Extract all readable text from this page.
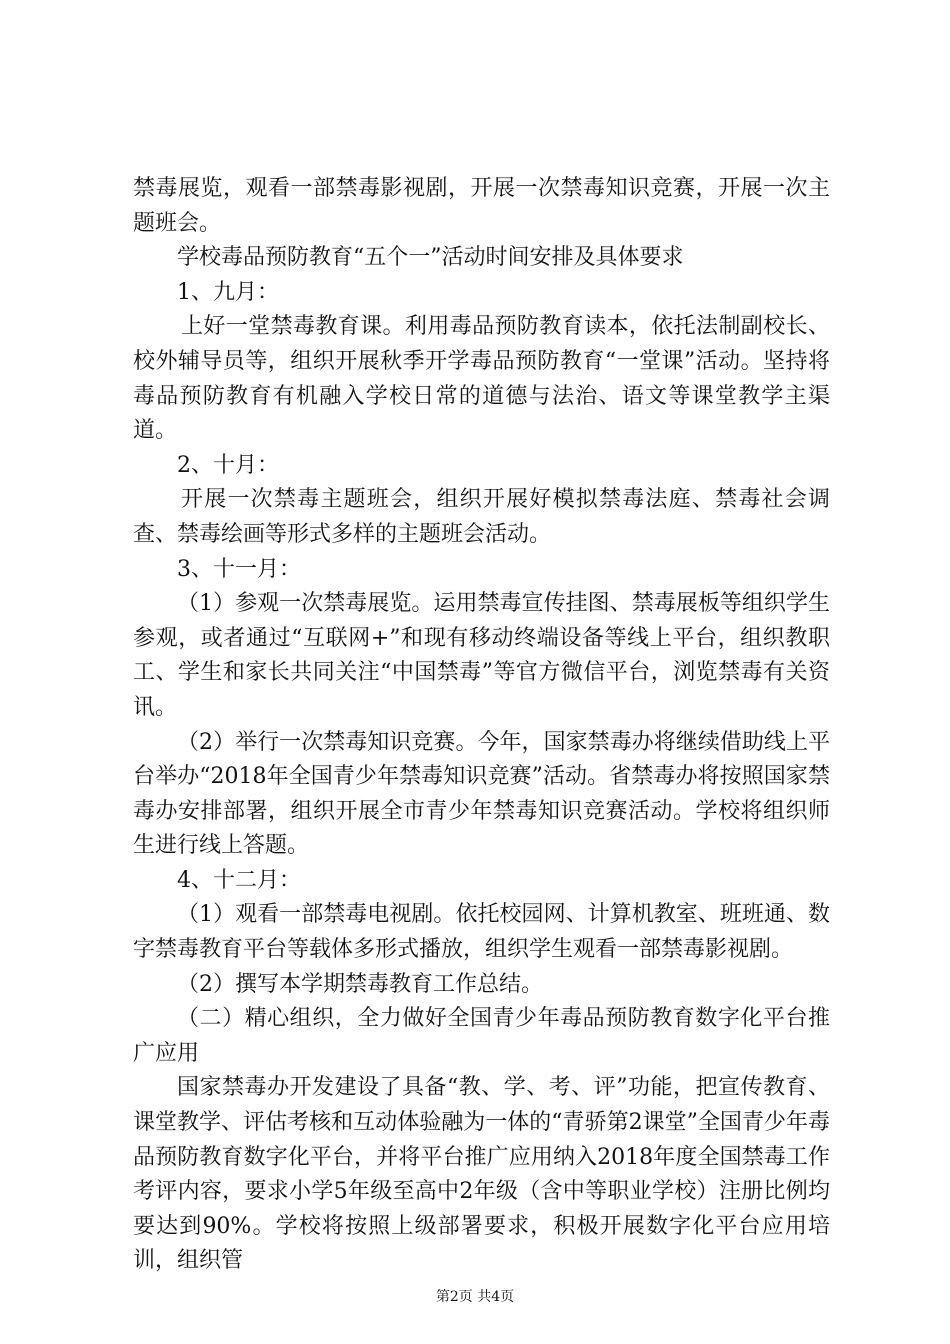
禁毒展览，观看一部禁毒影视剧，开展一次禁毒知识竞赛，开展一次主题班会。

学校毒品预防教育“五个一”活动时间安排及具体要求

1、九月：

上好一堂禁毒教育课。利用毒品预防教育读本，依托法制副校长、校外辅导员等，组织开展秋季开学毒品预防教育“一堂课”活动。坚持将毒品预防教育有机融入学校日常的道德与法治、语文等课堂教学主渠道。

2、十月：

开展一次禁毒主题班会，组织开展好模拟禁毒法庭、禁毒社会调查、禁毒绘画等形式多样的主题班会活动。

3、十一月：

（1）参观一次禁毒展览。运用禁毒宣传挂图、禁毒展板等组织学生参观，或者通过“互联网+”和现有移动终端设备等线上平台，组织教职工、学生和家长共同关注“中国禁毒”等官方微信平台，浏览禁毒有关资讯。

（2）举行一次禁毒知识竞赛。今年，国家禁毒办将继续借助线上平台举办“2018年全国青少年禁毒知识竞赛”活动。省禁毒办将按照国家禁毒办安排部署，组织开展全市青少年禁毒知识竞赛活动。学校将组织师生进行线上答题。

4、十二月：

（1）观看一部禁毒电视剧。依托校园网、计算机教室、班班通、数字禁毒教育平台等载体多形式播放，组织学生观看一部禁毒影视剧。

（2）撰写本学期禁毒教育工作总结。

（二）精心组织，全力做好全国青少年毒品预防教育数字化平台推广应用

国家禁毒办开发建设了具备“教、学、考、评”功能，把宣传教育、课堂教学、评估考核和互动体验融为一体的“青骄第2课堂”全国青少年毒品预防教育数字化平台，并将平台推广应用纳入2018年度全国禁毒工作考评内容，要求小学5年级至高中2年级（含中等职业学校）注册比例均要达到90%。学校将按照上级部署要求，积极开展数字化平台应用培训，组织管

第2页 共4页
